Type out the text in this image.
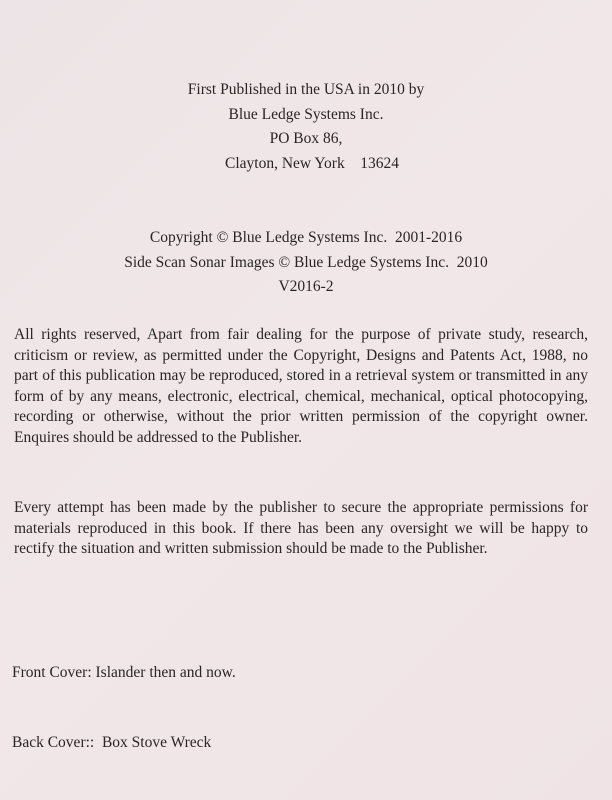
First Published in the USA in 2010 by
Blue Ledge Systems Inc.
PO Box 86,
Clayton, New York    13624
Copyright © Blue Ledge Systems Inc.  2001-2016
Side Scan Sonar Images © Blue Ledge Systems Inc.  2010
V2016-2

All rights reserved, Apart from fair dealing for the purpose of private study, research, criticism or review, as permitted under the Copyright, Designs and Patents Act, 1988, no part of this publication may be reproduced, stored in a retrieval system or transmitted in any form of by any means, electronic, electrical, chemical, mechanical, optical photocopying, recording or otherwise, without the prior written permission of the copyright owner. Enquires should be addressed to the Publisher.

Every attempt has been made by the publisher to secure the appropriate permissions for materials reproduced in this book. If there has been any oversight we will be happy to rectify the situation and written submission should be made to the Publisher.

Front Cover: Islander then and now.
Back Cover::  Box Stove Wreck
